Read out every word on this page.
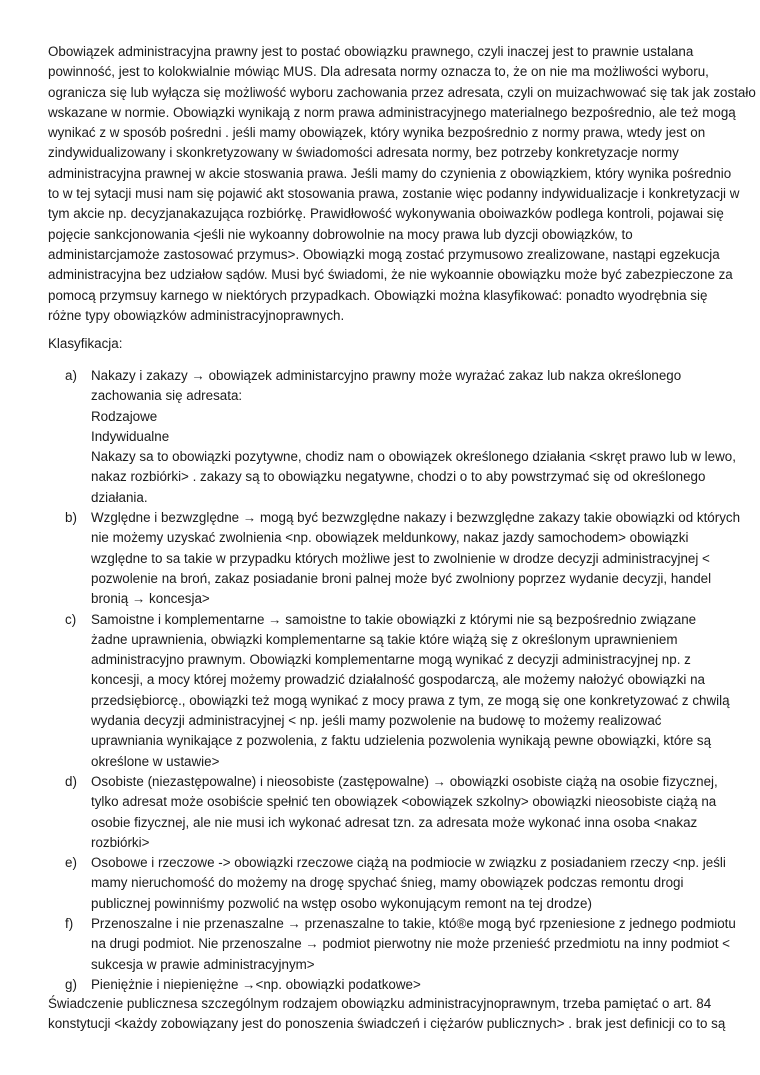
Obowiązek administracyjna prawny jest to postać obowiązku prawnego, czyli inaczej jest to prawnie ustalana
powinność, jest to kolokwialnie mówiąc MUS. Dla adresata normy oznacza to, że on nie ma możliwości wyboru,
ogranicza się lub wyłącza się możliwość wyboru zachowania przez adresata, czyli on muizachwować się tak jak zostało
wskazane w normie. Obowiązki wynikają z norm prawa administracyjnego materialnego bezpośrednio, ale też mogą
wynikać z w sposób pośredni . jeśli mamy obowiązek, który wynika bezpośrednio z normy prawa, wtedy jest on
zindywidualizowany i skonkretyzowany w świadomości adresata normy, bez potrzeby konkretyzacje normy
administracyjna prawnej w akcie stoswania prawa. Jeśli mamy do czynienia z obowiązkiem, który wynika pośrednio
to w tej sytacji musi nam się pojawić akt stosowania prawa, zostanie więc podanny indywidualizacje i konkretyzacji w
tym akcie np. decyzjanakazująca rozbiórkę. Prawidłowość wykonywania oboiwazków podlega kontroli, pojawai się
pojęcie sankcjonowania <jeśli nie wykoanny dobrowolnie na mocy prawa lub dyzcji obowiązków, to
administarcjamoże zastosować przymus>. Obowiązki mogą zostać przymusowo zrealizowane, nastąpi egzekucja
administracyjna bez udziałow sądów. Musi być świadomi, że nie wykoannie obowiązku może być zabezpieczone za
pomocą przymsuy karnego w niektórych przypadkach. Obowiązki można klasyfikować: ponadto wyodrębnia się
różne typy obowiązków administracyjnoprawnych.
Klasyfikacja:
a)	Nakazy i zakazy → obowiązek administarcyjno prawny może wyrażać zakaz lub nakza określonego
zachowania się adresata:
Rodzajowe
Indywidualne
Nakazy sa to obowiązki pozytywne, chodiz nam o obowiązek określonego działania <skręt prawo lub w lewo,
nakaz rozbiórki> . zakazy są to obowiązku negatywne, chodzi o to aby powstrzymać się od określonego
działania.
b)	Względne i bezwzględne → mogą być bezwzględne nakazy i bezwzględne zakazy takie obowiązki od których
nie możemy uzyskać zwolnienia <np. obowiązek meldunkowy, nakaz jazdy samochodem> obowiązki
względne to sa takie w przypadku których możliwe jest to zwolnienie w drodze decyzji administracyjnej <
pozwolenie na broń, zakaz posiadanie broni palnej może być zwolniony poprzez wydanie decyzji, handel
bronią → koncesja>
c)	Samoistne i komplementarne → samoistne to takie obowiązki z którymi nie są bezpośrednio związane
żadne uprawnienia, obwiązki komplementarne są takie które wiążą się z określonym uprawnieniem
administracyjno prawnym. Obowiązki komplementarne mogą wynikać z decyzji administracyjnej np. z
koncesji, a mocy której możemy prowadzić działalność gospodarczą, ale możemy nałożyć obowiązki na
przedsiębiorcę., obowiązki też mogą wynikać z mocy prawa z tym, ze mogą się one konkretyzować z chwilą
wydania decyzji administracyjnej < np. jeśli mamy pozwolenie na budowę to możemy realizować
uprawniania wynikające z pozwolenia, z faktu udzielenia pozwolenia wynikają pewne obowiązki, które są
określone w ustawie>
d)	Osobiste (niezastępowalne) i nieosobiste (zastępowalne) → obowiązki osobiste ciążą na osobie fizycznej,
tylko adresat może osobiście spełnić ten obowiązek <obowiązek szkolny> obowiązki nieosobiste ciążą na
osobie fizycznej, ale nie musi ich wykonać adresat tzn. za adresata może wykonać inna osoba <nakaz
rozbiórki>
e)	Osobowe i rzeczowe -> obowiązki rzeczowe ciążą na podmiocie w związku z posiadaniem rzeczy <np. jeśli
mamy nieruchomość do możemy na drogę spychać śnieg, mamy obowiązek podczas remontu drogi
publicznej powinniśmy pozwolić na wstęp osobo wykonującym remont na tej drodze)
f)	Przenoszalne i nie przenaszalne → przenaszalne to takie, któ®e mogą być rpzeniesione z jednego podmiotu
na drugi podmiot. Nie przenoszalne → podmiot pierwotny nie może przenieść przedmiotu na inny podmiot <
sukcesja w prawie administracyjnym>
g)	Pieniężnie i niepieniężne →<np. obowiązki podatkowe>
Świadczenie publicznesa szczególnym rodzajem obowiązku administracyjnoprawnym, trzeba pamiętać o art. 84
konstytucji <każdy zobowiązany jest do ponoszenia świadczeń i ciężarów publicznych> . brak jest definicji co to są
